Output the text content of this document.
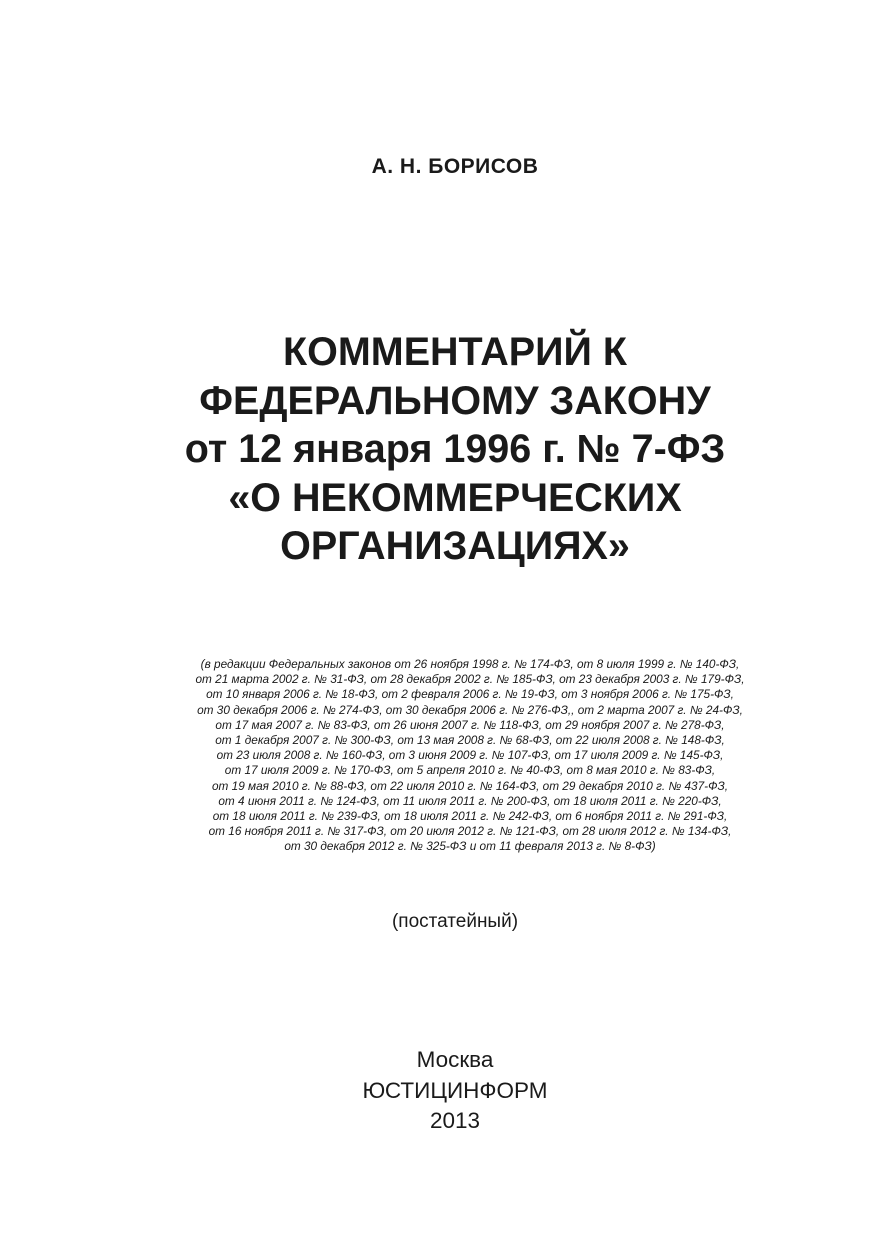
А. Н. БОРИСОВ
КОММЕНТАРИЙ К
ФЕДЕРАЛЬНОМУ ЗАКОНУ
от 12 января 1996 г. № 7-ФЗ
«О НЕКОММЕРЧЕСКИХ
ОРГАНИЗАЦИЯХ»
(в редакции Федеральных законов от 26 ноября 1998 г. № 174-ФЗ, от 8 июля 1999 г. № 140-ФЗ,
от 21 марта 2002 г. № 31-ФЗ, от 28 декабря 2002 г. № 185-ФЗ, от 23 декабря 2003 г. № 179-ФЗ,
от 10 января 2006 г. № 18-ФЗ, от 2 февраля 2006 г. № 19-ФЗ, от 3 ноября 2006 г. № 175-ФЗ,
от 30 декабря 2006 г. № 274-ФЗ, от 30 декабря 2006 г. № 276-ФЗ,, от 2 марта 2007 г. № 24-ФЗ,
от 17 мая 2007 г. № 83-ФЗ, от 26 июня 2007 г. № 118-ФЗ, от 29 ноября 2007 г. № 278-ФЗ,
от 1 декабря 2007 г. № 300-ФЗ, от 13 мая 2008 г. № 68-ФЗ, от 22 июля 2008 г. № 148-ФЗ,
от 23 июля 2008 г. № 160-ФЗ, от 3 июня 2009 г. № 107-ФЗ, от 17 июля 2009 г. № 145-ФЗ,
от 17 июля 2009 г. № 170-ФЗ, от 5 апреля 2010 г. № 40-ФЗ, от 8 мая 2010 г. № 83-ФЗ,
от 19 мая 2010 г. № 88-ФЗ, от 22 июля 2010 г. № 164-ФЗ, от 29 декабря 2010 г. № 437-ФЗ,
от 4 июня 2011 г. № 124-ФЗ, от 11 июля 2011 г. № 200-ФЗ, от 18 июля 2011 г. № 220-ФЗ,
от 18 июля 2011 г. № 239-ФЗ, от 18 июля 2011 г. № 242-ФЗ, от 6 ноября 2011 г. № 291-ФЗ,
от 16 ноября 2011 г. № 317-ФЗ, от 20 июля 2012 г. № 121-ФЗ, от 28 июля 2012 г. № 134-ФЗ,
от 30 декабря 2012 г. № 325-ФЗ и от 11 февраля 2013 г. № 8-ФЗ)
(постатейный)
Москва
ЮСТИЦИНФОРМ
2013
